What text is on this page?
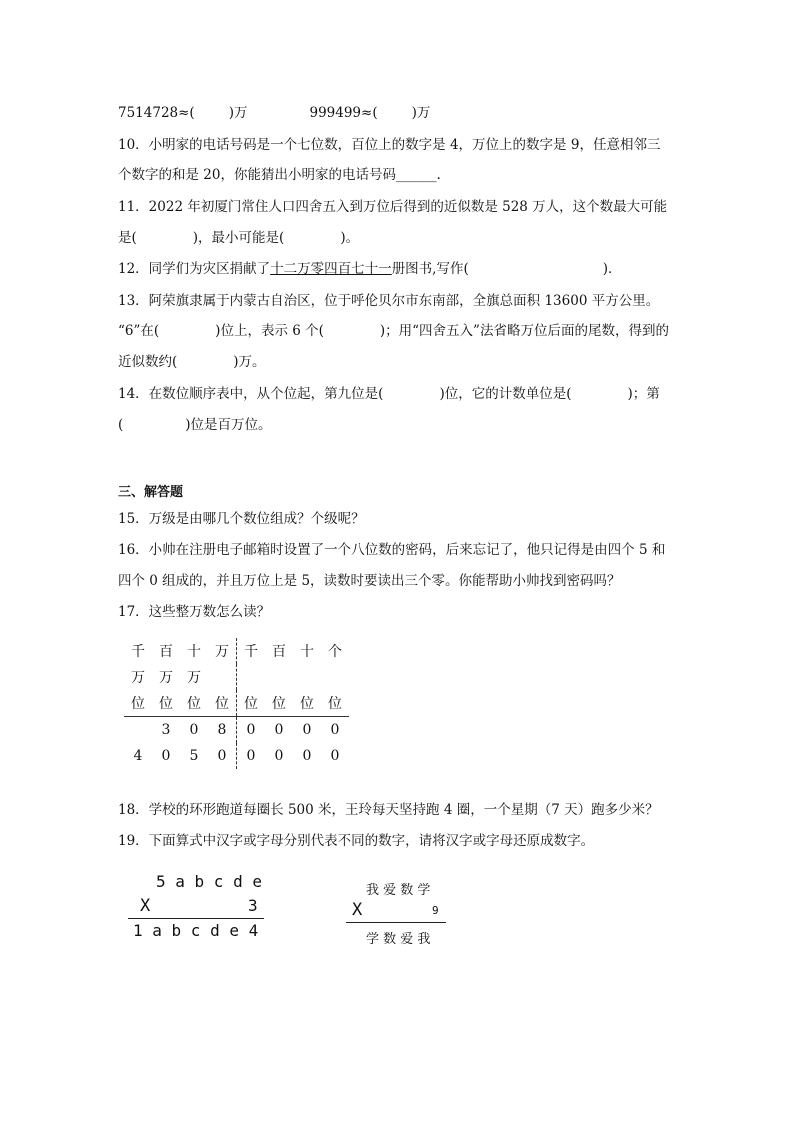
7514728≈(	)万	999499≈(	)万
10．小明家的电话号码是一个七位数，百位上的数字是 4，万位上的数字是 9，任意相邻三
个数字的和是 20，你能猜出小明家的电话号码______.
11．2022 年初厦门常住人口四舍五入到万位后得到的近似数是 528 万人，这个数最大可能
是(	)，最小可能是(	)。
12．同学们为灾区捐献了十二万零四百七十一册图书,写作(	)．
13．阿荣旗隶属于内蒙古自治区，位于呼伦贝尔市东南部，全旗总面积 13600 平方公里。
“6”在(	)位上，表示 6 个(	)；用“四舍五入”法省略万位后面的尾数，得到的
近似数约(	)万。
14．在数位顺序表中，从个位起，第九位是(	)位，它的计数单位是(	)；第
(	)位是百万位。
三、解答题
15．万级是由哪几个数位组成？个级呢？
16．小帅在注册电子邮箱时设置了一个八位数的密码，后来忘记了，他只记得是由四个 5 和
四个 0 组成的，并且万位上是 5，读数时要读出三个零。你能帮助小帅找到密码吗？
17．这些整万数怎么读？
千	百	十	万	千	百	十	个
万	万	万					
位	位	位	位	位	位	位	位
	3	0	8	0	0	0	0
4	0	5	0	0	0	0	0
18．学校的环形跑道每圈长 500 米，王玲每天坚持跑 4 圈，一个星期（7 天）跑多少米？
19．下面算式中汉字或字母分别代表不同的数字，请将汉字或字母还原成数字。
5 a b c d e
X	3
1 a b c d e 4
我 爱 数 学
X	9
学 数 爱 我
